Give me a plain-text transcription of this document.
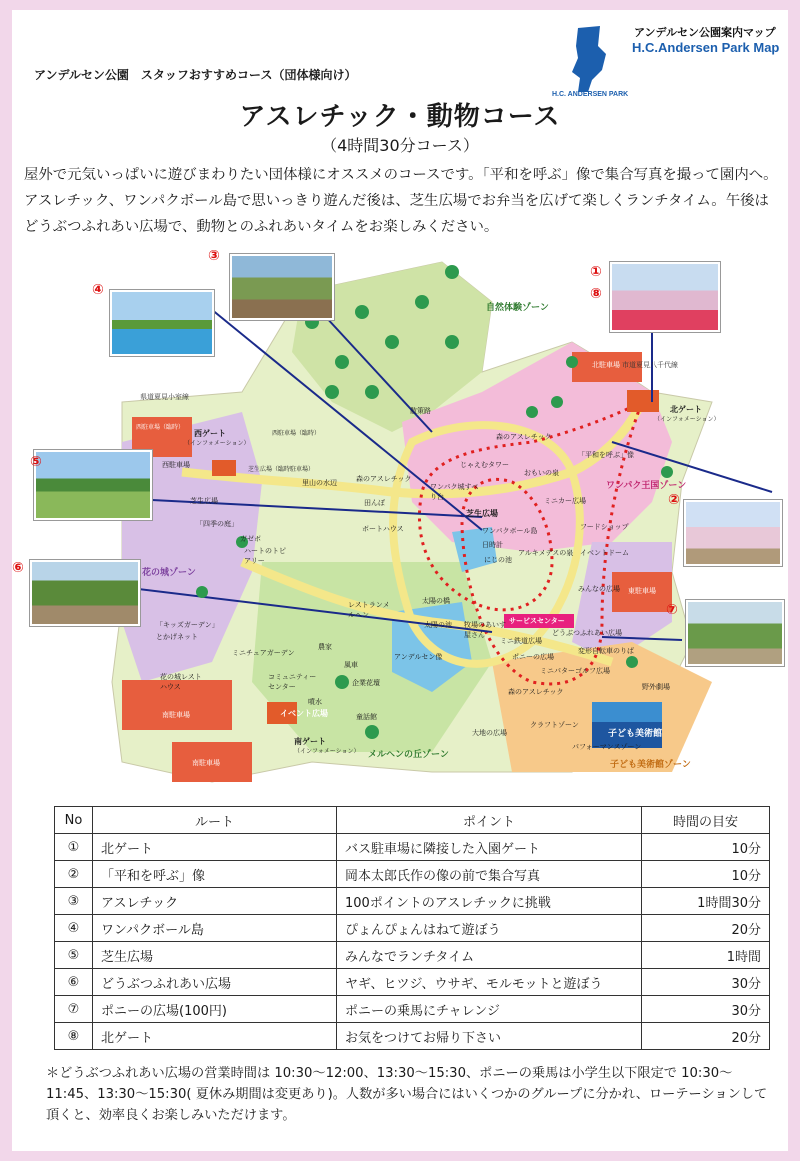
アンデルセン公園　スタッフおすすめコース（団体様向け）
H.C. ANDERSEN PARK
アンデルセン公園案内マップ
H.C.Andersen Park Map
アスレチック・動物コース
（4時間30分コース）
屋外で元気いっぱいに遊びまわりたい団体様にオススメのコースです。「平和を呼ぶ」像で集合写真を撮って園内へ。アスレチック、ワンパクボール島で思いっきり遊んだ後は、芝生広場でお弁当を広げて楽しくランチタイム。午後はどうぶつふれあい広場で、動物とのふれあいタイムをお楽しみください。
自然体験ゾーン
ワンパク王国ゾーン
花の城ゾーン
メルヘンの丘ゾーン
子ども美術館ゾーン
県道夏見小室線
市道夏見八千代線
北ゲート
（インフォメーション）
西ゲート
（インフォメーション）
南ゲート
（インフォメーション）
イベント広場
子ども美術館
サービスセンター
北駐車場
東駐車場
西駐車場
西駐車場（臨時）
西駐車場（臨時）
芝生広場（臨時駐車場）
南駐車場
南駐車場
森のアスレチック
森のアスレチック
森のアスレチック
じゃえむタワー
ワンパク城すべり台
おもいの泉
ミニカー広場
芝生広場
ワンパクボール島
日時計
にじの池
アルキメデスの泉
フードショップ
イベントドーム
「平和を呼ぶ」像
田んぼ
ボートハウス
里山の水辺
散策路
「四季の庭」
ガゼボ
ハートのトピアリー
芝生広場
太陽の橋
太陽の池
レストランメルヘン
牧場のあいす屋さん
ミニ鉄道広場
ポニーの広場
どうぶつふれあい広場
みんなの広場
変形自転車のりば
ミニパターゴルフ広場
「キッズガーデン」
とかげネット
ミニチュアガーデン
農家
風車
アンデルセン像
コミュニティーセンター
噴水
企業花壇
童話館
花の城レストハウス
クラフトゾーン
パフォーマンスゾーン
野外劇場
大地の広場
③
④
①
⑧
⑤
②
⑥
⑦
No	ルート	ポイント	時間の目安
①	北ゲート	バス駐車場に隣接した入園ゲート	10分
②	「平和を呼ぶ」像	岡本太郎氏作の像の前で集合写真	10分
③	アスレチック	100ポイントのアスレチックに挑戦	1時間30分
④	ワンパクボール島	ぴょんぴょんはねて遊ぼう	20分
⑤	芝生広場	みんなでランチタイム	1時間
⑥	どうぶつふれあい広場	ヤギ、ヒツジ、ウサギ、モルモットと遊ぼう	30分
⑦	ポニーの広場(100円)	ポニーの乗馬にチャレンジ	30分
⑧	北ゲート	お気をつけてお帰り下さい	20分
＊どうぶつふれあい広場の営業時間は 10:30〜12:00、13:30〜15:30、ポニーの乗馬は小学生以下限定で 10:30〜11:45、13:30〜15:30( 夏休み期間は変更あり)。人数が多い場合にはいくつかのグループに分かれ、ローテーションして頂くと、効率良くお楽しみいただけます。
